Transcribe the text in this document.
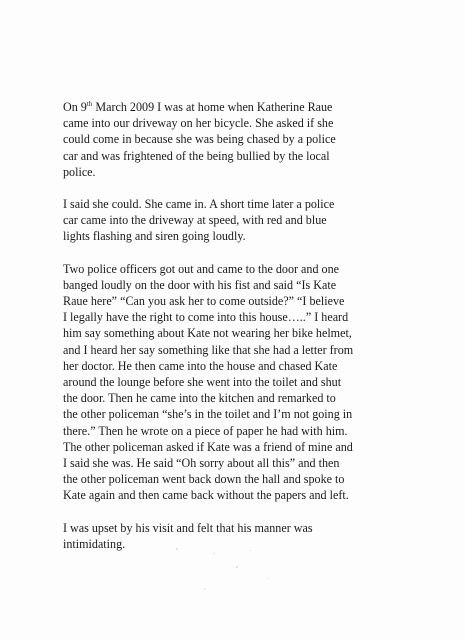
On 9th March 2009 I was at home when Katherine Raue
came into our driveway on her bicycle. She asked if she
could come in because she was being chased by a police
car and was frightened of the being bullied by the local
police.

I said she could. She came in. A short time later a police
car came into the driveway at speed, with red and blue
lights flashing and siren going loudly.

Two police officers got out and came to the door and one
banged loudly on the door with his fist and said “Is Kate
Raue here” “Can you ask her to come outside?” “I believe
I legally have the right to come into this house…..” I heard
him say something about Kate not wearing her bike helmet,
and I heard her say something like that she had a letter from
her doctor. He then came into the house and chased Kate
around the lounge before she went into the toilet and shut
the door. Then he came into the kitchen and remarked to
the other policeman “she’s in the toilet and I’m not going in
there.” Then he wrote on a piece of paper he had with him.
The other policeman asked if Kate was a friend of mine and
I said she was. He said “Oh sorry about all this” and then
the other policeman went back down the hall and spoke to
Kate again and then came back without the papers and left.

I was upset by his visit and felt that his manner was
intimidating.
